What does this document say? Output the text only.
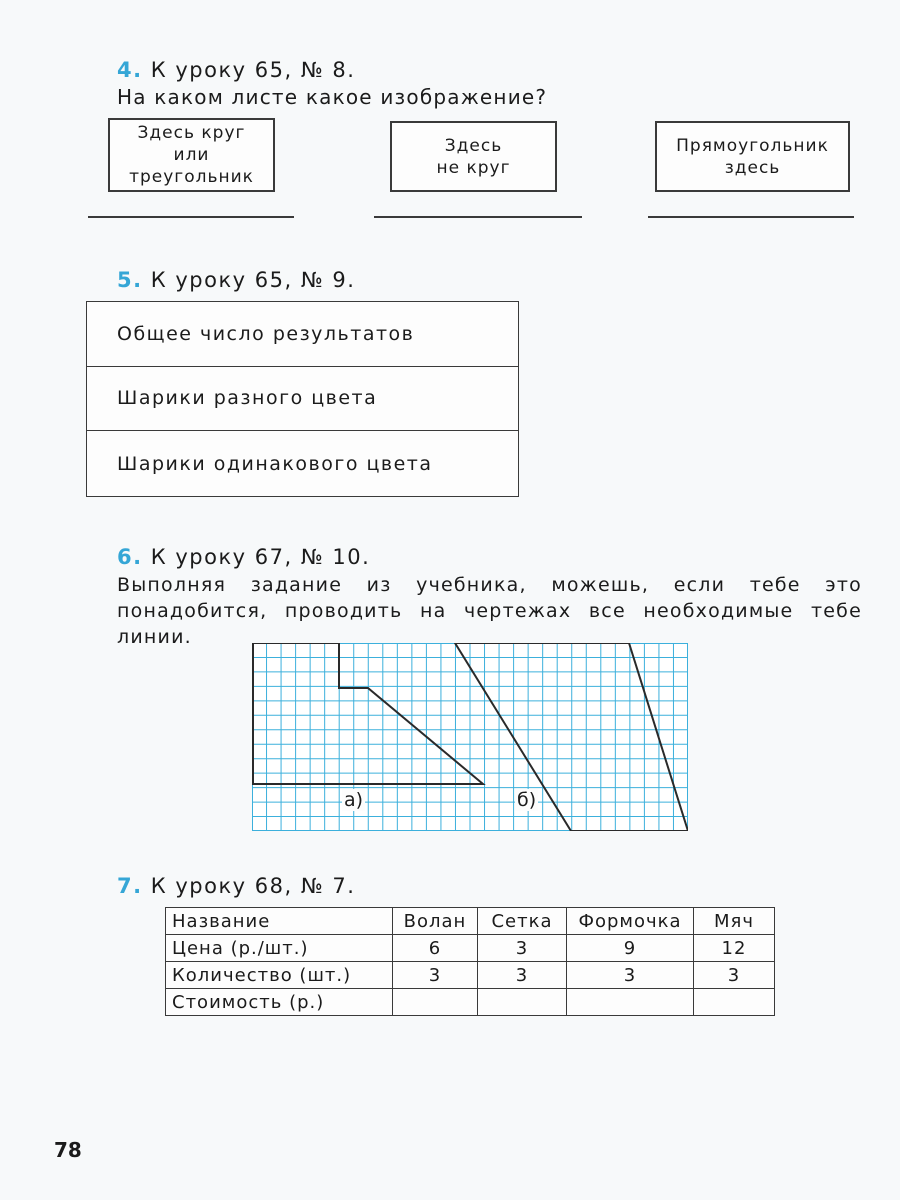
4. К уроку 65, № 8.
На каком листе какое изображение?
Здесь круг
или
треугольник
Здесь
не круг
Прямоугольник
здесь
5. К уроку 65, № 9.
Общее число результатов
Шарики разного цвета
Шарики одинакового цвета
6. К уроку 67, № 10.
Выполняя задание из учебника, можешь, если тебе это понадобится, проводить на чертежах все необходимые тебе линии.
а)	б)
7. К уроку 68, № 7.
Название	Волан	Сетка	Формочка	Мяч
Цена (р./шт.)	6	3	9	12
Количество (шт.)	3	3	3	3
Стоимость (р.)				
78
